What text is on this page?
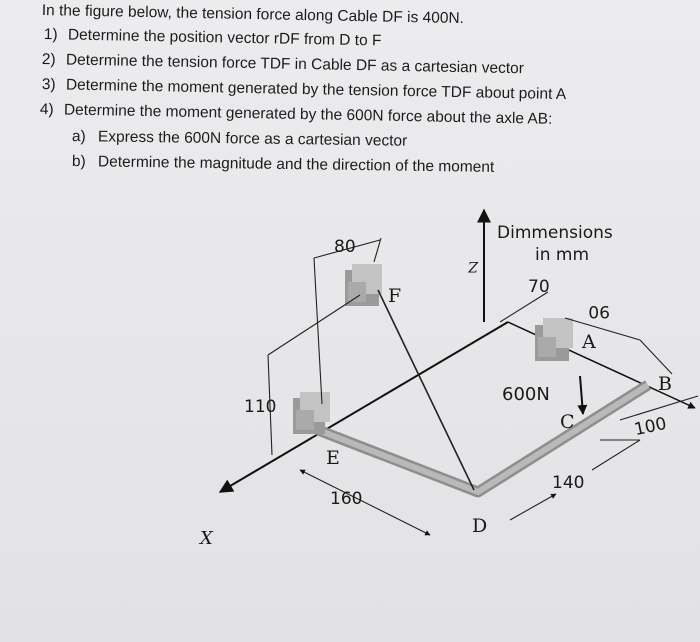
In the figure below, the tension force along Cable DF is 400N.
1) Determine the position vector rDF from D to F
2) Determine the tension force TDF in Cable DF as a cartesian vector
3) Determine the moment generated by the tension force TDF about point A
4) Determine the moment generated by the 600N force about the axle AB:
a) Express the 600N force as a cartesian vector
b) Determine the magnitude and the direction of the moment
Dimmensions
in mm
80
110
160
70
90
100
140
600N
X
Z
F
E
D
A
B
C
